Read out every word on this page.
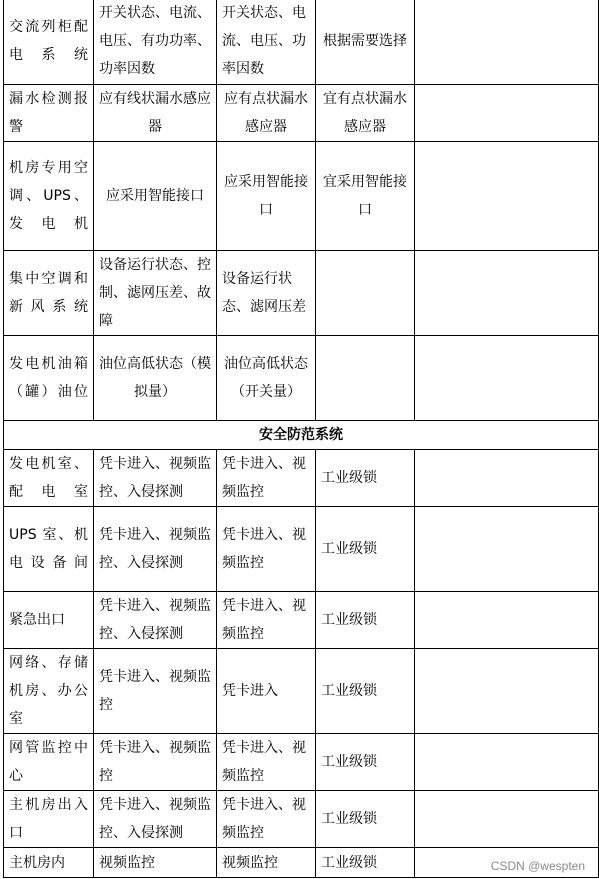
交流列柜配电系统	开关状态、电流、电压、有功功率、功率因数	开关状态、电流、电压、功率因数	根据需要选择	
漏水检测报警	应有线状漏水感应器	应有点状漏水感应器	宜有点状漏水感应器	
机房专用空调、UPS、发电机	应采用智能接口	应采用智能接口	宜采用智能接口	
集中空调和新风系统	设备运行状态、控制、滤网压差、故障	设备运行状态、滤网压差		
发电机油箱（罐）油位	油位高低状态（模拟量）	油位高低状态（开关量）		
安全防范系统				
发电机室、配电室	凭卡进入、视频监控、入侵探测	凭卡进入、视频监控	工业级锁	
UPS 室、机电设备间	凭卡进入、视频监控、入侵探测	凭卡进入、视频监控	工业级锁	
紧急出口	凭卡进入、视频监控、入侵探测	凭卡进入、视频监控	工业级锁	
网络、存储机房、办公室	凭卡进入、视频监控	凭卡进入	工业级锁	
网管监控中心	凭卡进入、视频监控	凭卡进入、视频监控	工业级锁	
主机房出入口	凭卡进入、视频监控、入侵探测	凭卡进入、视频监控	工业级锁	
主机房内	视频监控	视频监控	工业级锁		CSDN @wespten
